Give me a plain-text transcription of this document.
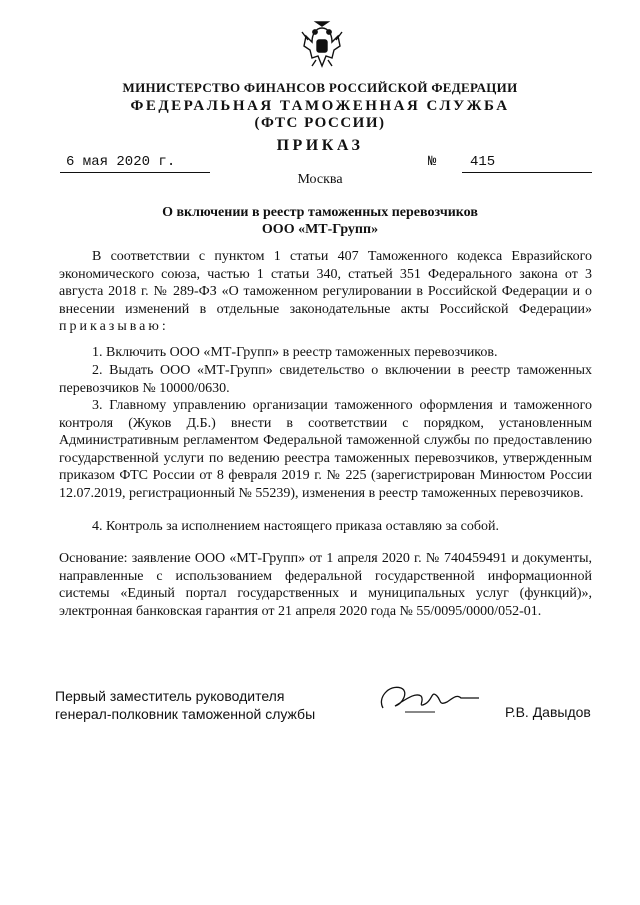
МИНИСТЕРСТВО ФИНАНСОВ РОССИЙСКОЙ ФЕДЕРАЦИИ
ФЕДЕРАЛЬНАЯ ТАМОЖЕННАЯ СЛУЖБА
(ФТС РОССИИ)
ПРИКАЗ
6 мая 2020 г.	№ 415
Москва
О включении в реестр таможенных перевозчиков
ООО «МТ-Групп»
В соответствии с пунктом 1 статьи 407 Таможенного кодекса Евразийского экономического союза, частью 1 статьи 340, статьей 351 Федерального закона от 3 августа 2018 г. № 289-ФЗ «О таможенном регулировании в Российской Федерации и о внесении изменений в отдельные законодательные акты Российской Федерации» приказываю:
1. Включить ООО «МТ-Групп» в реестр таможенных перевозчиков.
2. Выдать ООО «МТ-Групп» свидетельство о включении в реестр таможенных перевозчиков № 10000/0630.
3. Главному управлению организации таможенного оформления и таможенного контроля (Жуков Д.Б.) внести в соответствии с порядком, установленным Административным регламентом Федеральной таможенной службы по предоставлению государственной услуги по ведению реестра таможенных перевозчиков, утвержденным приказом ФТС России от 8 февраля 2019 г. № 225 (зарегистрирован Минюстом России 12.07.2019, регистрационный № 55239), изменения в реестр таможенных перевозчиков.
4. Контроль за исполнением настоящего приказа оставляю за собой.
Основание: заявление ООО «МТ-Групп» от 1 апреля 2020 г. № 740459491 и документы, направленные с использованием федеральной государственной информационной системы «Единый портал государственных и муниципальных услуг (функций)», электронная банковская гарантия от 21 апреля 2020 года № 55/0095/0000/052-01.
Первый заместитель руководителя
генерал-полковник таможенной службы	Р.В. Давыдов
